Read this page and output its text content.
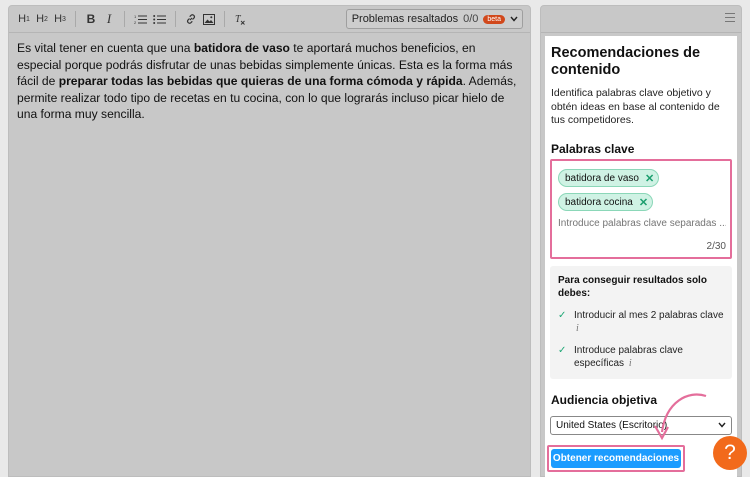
H 1 H 2 H 3	B I	1
2	T	Problemas resaltados 0/0	beta
Es vital tener en cuenta que una batidora de vaso te aportará muchos beneficios, en especial porque podrás disfrutar de unas bebidas simplemente únicas. Esta es la forma más fácil de preparar todas las bebidas que quieras de una forma cómoda y rápida. Además, permite realizar todo tipo de recetas en tu cocina, con lo que lograrás incluso picar hielo de una forma muy sencilla.
Recomendaciones de contenido

Identifica palabras clave objetivo y obtén ideas en base al contenido de tus competidores.

Palabras clave
batidora de vaso ✕
batidora cocina ✕
Introduce palabras clave separadas ...
2/30
Para conseguir resultados solo debes:
✓ Introducir al mes 2 palabras clave i
✓ Introduce palabras clave específicas i
Audiencia objetiva
United States (Escritorio)
Obtener recomendaciones	?
